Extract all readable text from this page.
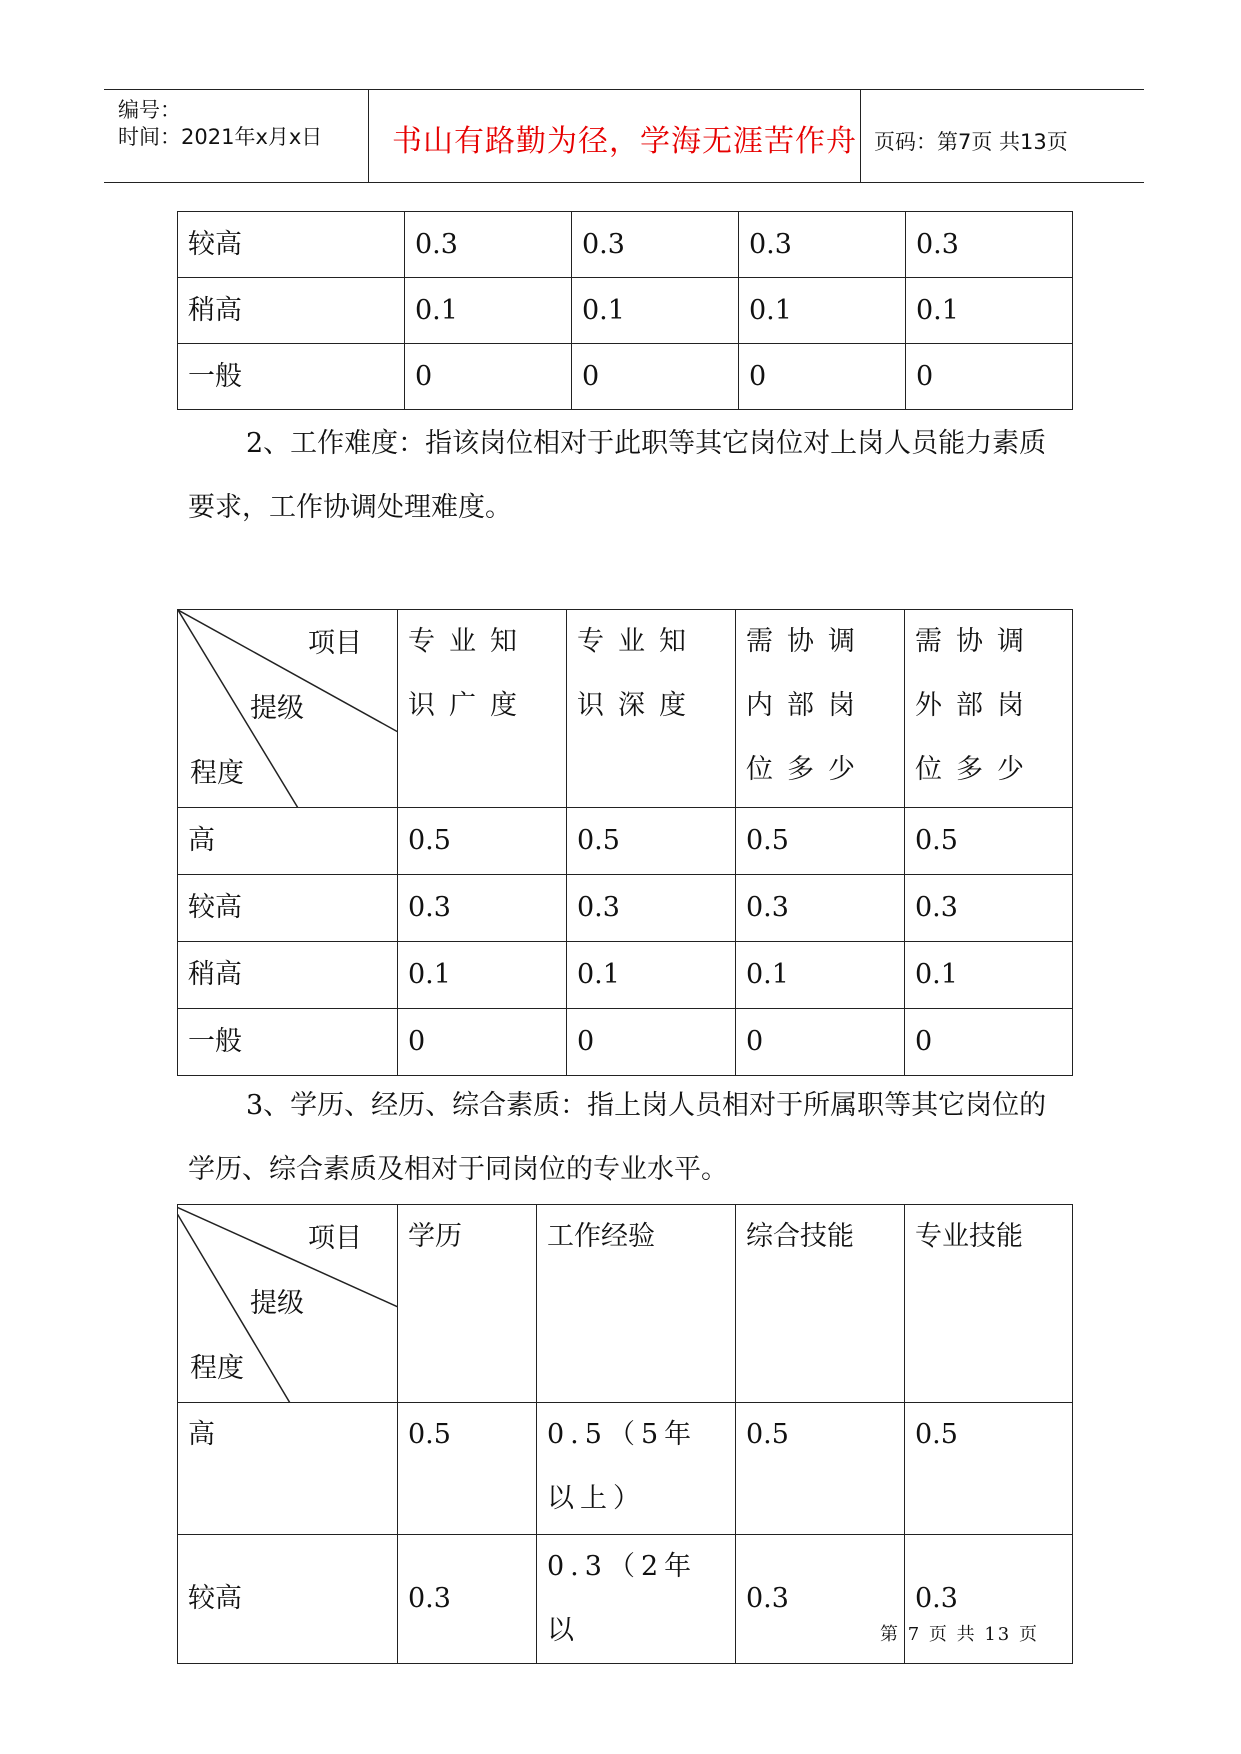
编号：
时间：2021年x月x日 书山有路勤为径，学海无涯苦作舟 页码：第7页 共13页
较高	0.3	0.3	0.3	0.3
稍高	0.1	0.1	0.1	0.1
一般	0	0	0	0
2、工作难度：指该岗位相对于此职等其它岗位对上岗人员能力素质要求，工作协调处理难度。
项目
提级
程度	专业知识广度	专业知识深度	需协调内部岗位多少	需协调外部岗位多少
高	0.5	0.5	0.5	0.5
较高	0.3	0.3	0.3	0.3
稍高	0.1	0.1	0.1	0.1
一般	0	0	0	0
3、学历、经历、综合素质：指上岗人员相对于所属职等其它岗位的学历、综合素质及相对于同岗位的专业水平。
项目
提级
程度	学历	工作经验	综合技能	专业技能
高	0.5	0.5（5年以上）	0.5	0.5
较高	0.3	0.3（2年以	0.3	0.3
第 7 页 共 13 页
